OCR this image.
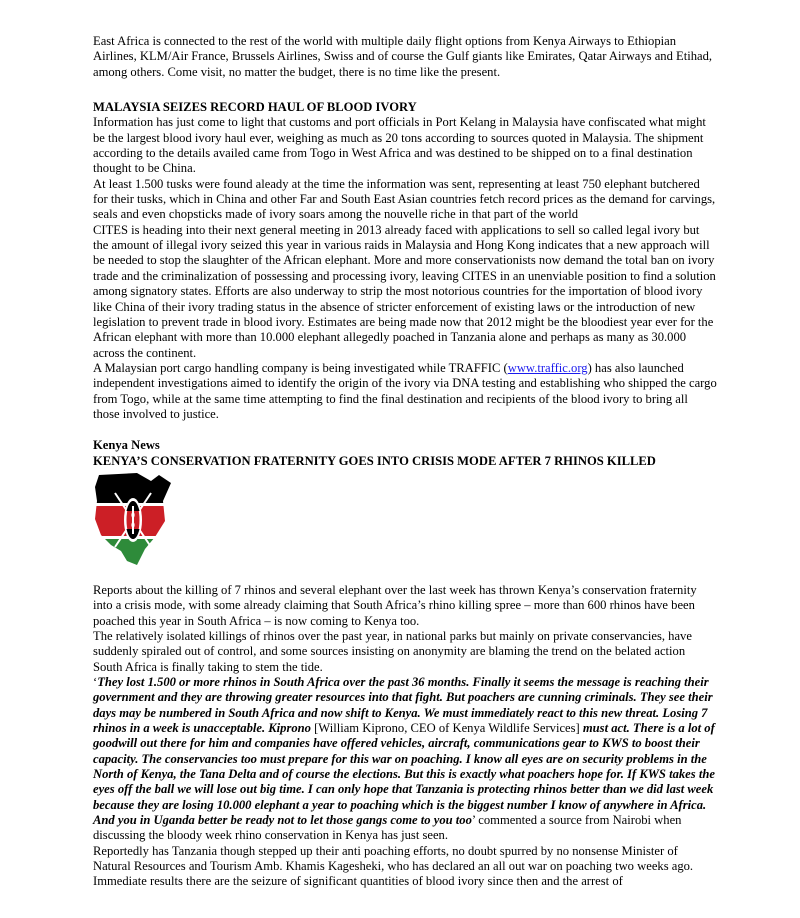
East Africa is connected to the rest of the world with multiple daily flight options from Kenya Airways to Ethiopian Airlines, KLM/Air France, Brussels Airlines, Swiss and of course the Gulf giants like Emirates, Qatar Airways and Etihad, among others. Come visit, no matter the budget, there is no time like the present.

MALAYSIA SEIZES RECORD HAUL OF BLOOD IVORY

Information has just come to light that customs and port officials in Port Kelang in Malaysia have confiscated what might be the largest blood ivory haul ever, weighing as much as 20 tons according to sources quoted in Malaysia. The shipment according to the details availed came from Togo in West Africa and was destined to be shipped on to a final destination thought to be China.

At least 1.500 tusks were found aleady at the time the information was sent, representing at least 750 elephant butchered for their tusks, which in China and other Far and South East Asian countries fetch record prices as the demand for carvings, seals and even chopsticks made of ivory soars among the nouvelle riche in that part of the world

CITES is heading into their next general meeting in 2013 already faced with applications to sell so called legal ivory but the amount of illegal ivory seized this year in various raids in Malaysia and Hong Kong indicates that a new approach will be needed to stop the slaughter of the African elephant. More and more conservationists now demand the total ban on ivory trade and the criminalization of possessing and processing ivory, leaving CITES in an unenviable position to find a solution among signatory states. Efforts are also underway to strip the most notorious countries for the importation of blood ivory like China of their ivory trading status in the absence of stricter enforcement of existing laws or the introduction of new legislation to prevent trade in blood ivory. Estimates are being made now that 2012 might be the bloodiest year ever for the African elephant with more than 10.000 elephant allegedly poached in Tanzania alone and perhaps as many as 30.000 across the continent.

A Malaysian port cargo handling company is being investigated while TRAFFIC (www.traffic.org) has also launched independent investigations aimed to identify the origin of the ivory via DNA testing and establishing who shipped the cargo from Togo, while at the same time attempting to find the final destination and recipients of the blood ivory to bring all those involved to justice.

Kenya News

KENYA’S CONSERVATION FRATERNITY GOES INTO CRISIS MODE AFTER 7 RHINOS KILLED

Reports about the killing of 7 rhinos and several elephant over the last week has thrown Kenya’s conservation fraternity into a crisis mode, with some already claiming that South Africa’s rhino killing spree – more than 600 rhinos have been poached this year in South Africa – is now coming to Kenya too.

The relatively isolated killings of rhinos over the past year, in national parks but mainly on private conservancies, have suddenly spiraled out of control, and some sources insisting on anonymity are blaming the trend on the belated action South Africa is finally taking to stem the tide.

‘They lost 1.500 or more rhinos in South Africa over the past 36 months. Finally it seems the message is reaching their government and they are throwing greater resources into that fight. But poachers are cunning criminals. They see their days may be numbered in South Africa and now shift to Kenya. We must immediately react to this new threat. Losing 7 rhinos in a week is unacceptable. Kiprono [William Kiprono, CEO of Kenya Wildlife Services] must act. There is a lot of goodwill out there for him and companies have offered vehicles, aircraft, communications gear to KWS to boost their capacity. The conservancies too must prepare for this war on poaching. I know all eyes are on security problems in the North of Kenya, the Tana Delta and of course the elections. But this is exactly what poachers hope for. If KWS takes the eyes off the ball we will lose out big time. I can only hope that Tanzania is protecting rhinos better than we did last week because they are losing 10.000 elephant a year to poaching which is the biggest number I know of anywhere in Africa. And you in Uganda better be ready not to let those gangs come to you too’ commented a source from Nairobi when discussing the bloody week rhino conservation in Kenya has just seen.

Reportedly has Tanzania though stepped up their anti poaching efforts, no doubt spurred by no nonsense Minister of Natural Resources and Tourism Amb. Khamis Kagesheki, who has declared an all out war on poaching two weeks ago. Immediate results there are the seizure of significant quantities of blood ivory since then and the arrest of
